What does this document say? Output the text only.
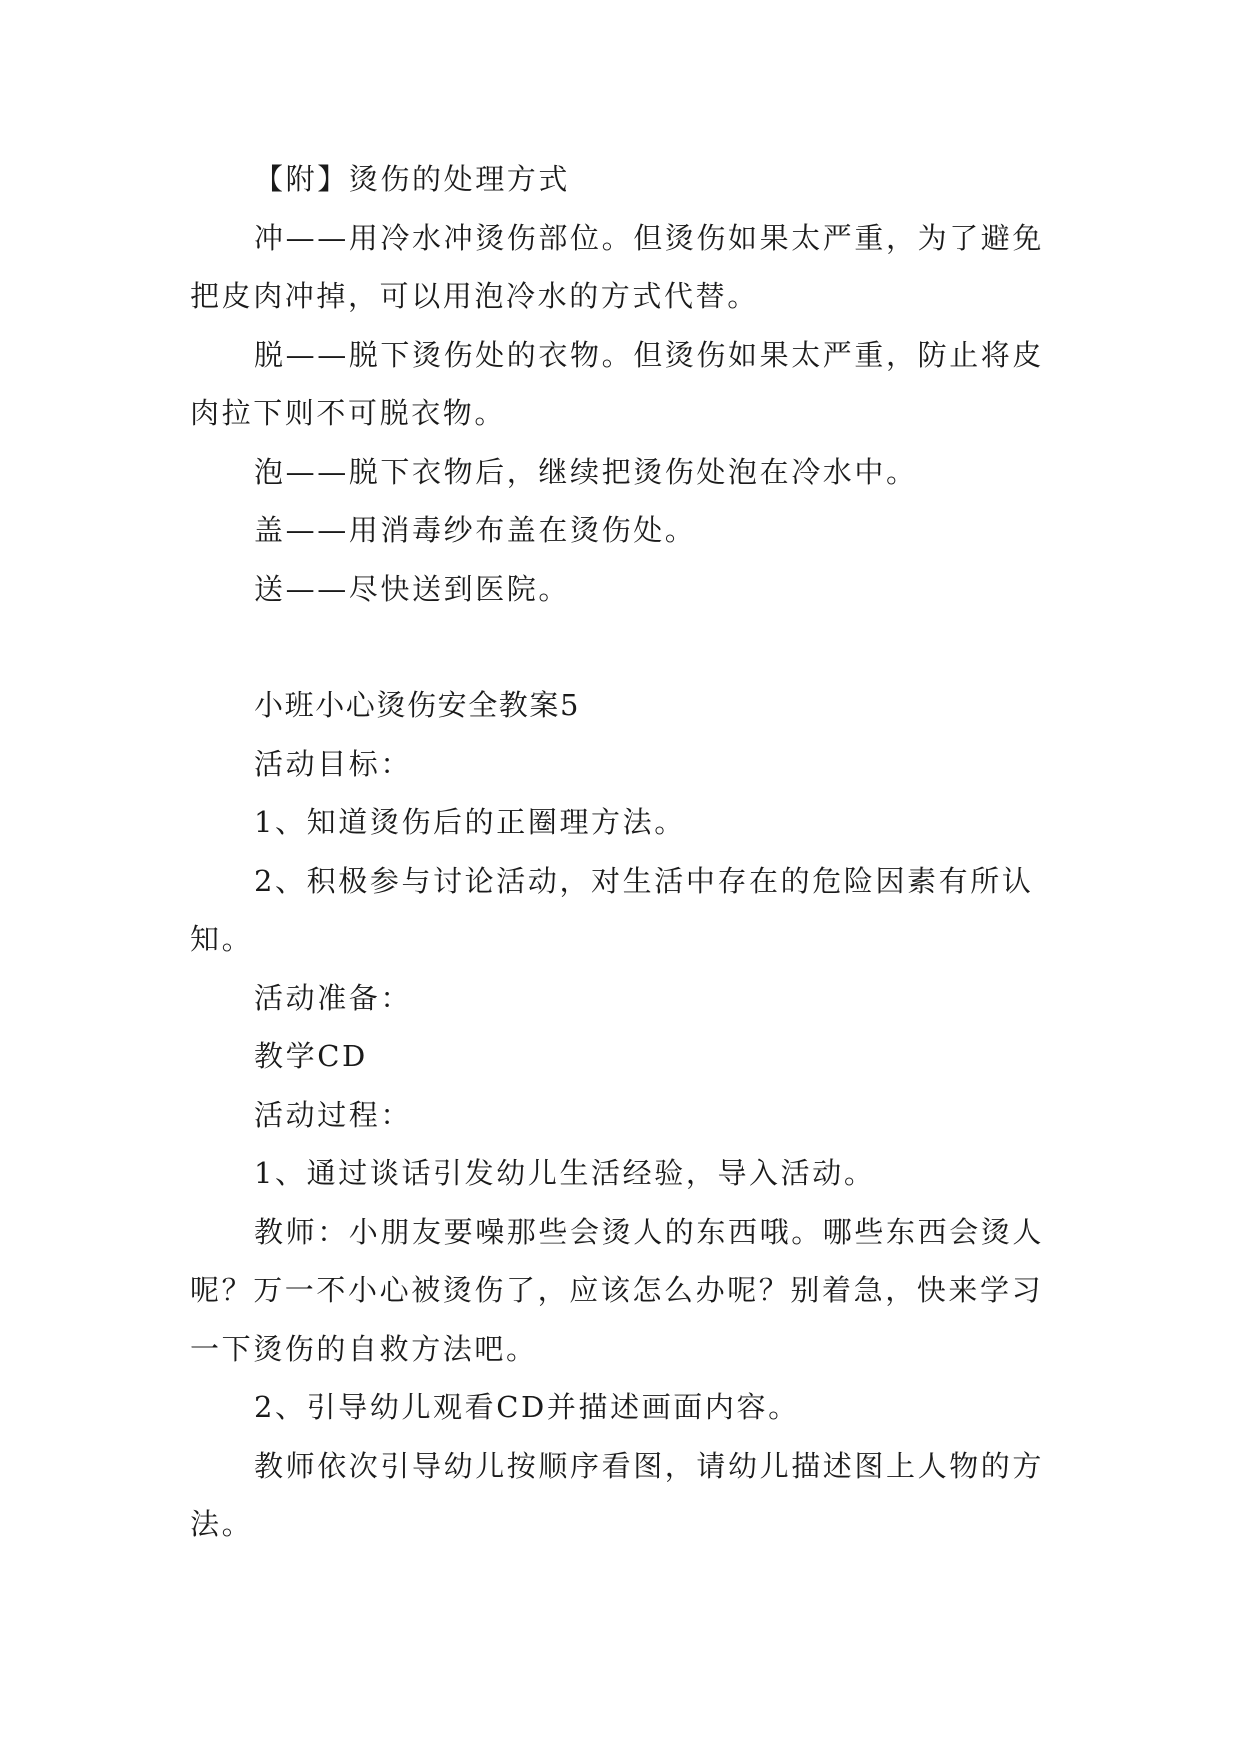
【附】烫伤的处理方式

冲——用冷水冲烫伤部位。但烫伤如果太严重，为了避免把皮肉冲掉，可以用泡冷水的方式代替。

脱——脱下烫伤处的衣物。但烫伤如果太严重，防止将皮肉拉下则不可脱衣物。

泡——脱下衣物后，继续把烫伤处泡在冷水中。

盖——用消毒纱布盖在烫伤处。

送——尽快送到医院。

小班小心烫伤安全教案5

活动目标：

1、知道烫伤后的正圈理方法。

2、积极参与讨论活动，对生活中存在的危险因素有所认知。

活动准备：

教学CD

活动过程：

1、通过谈话引发幼儿生活经验，导入活动。

教师：小朋友要噪那些会烫人的东西哦。哪些东西会烫人呢？万一不小心被烫伤了，应该怎么办呢？别着急，快来学习一下烫伤的自救方法吧。

2、引导幼儿观看CD并描述画面内容。

教师依次引导幼儿按顺序看图，请幼儿描述图上人物的方法。
